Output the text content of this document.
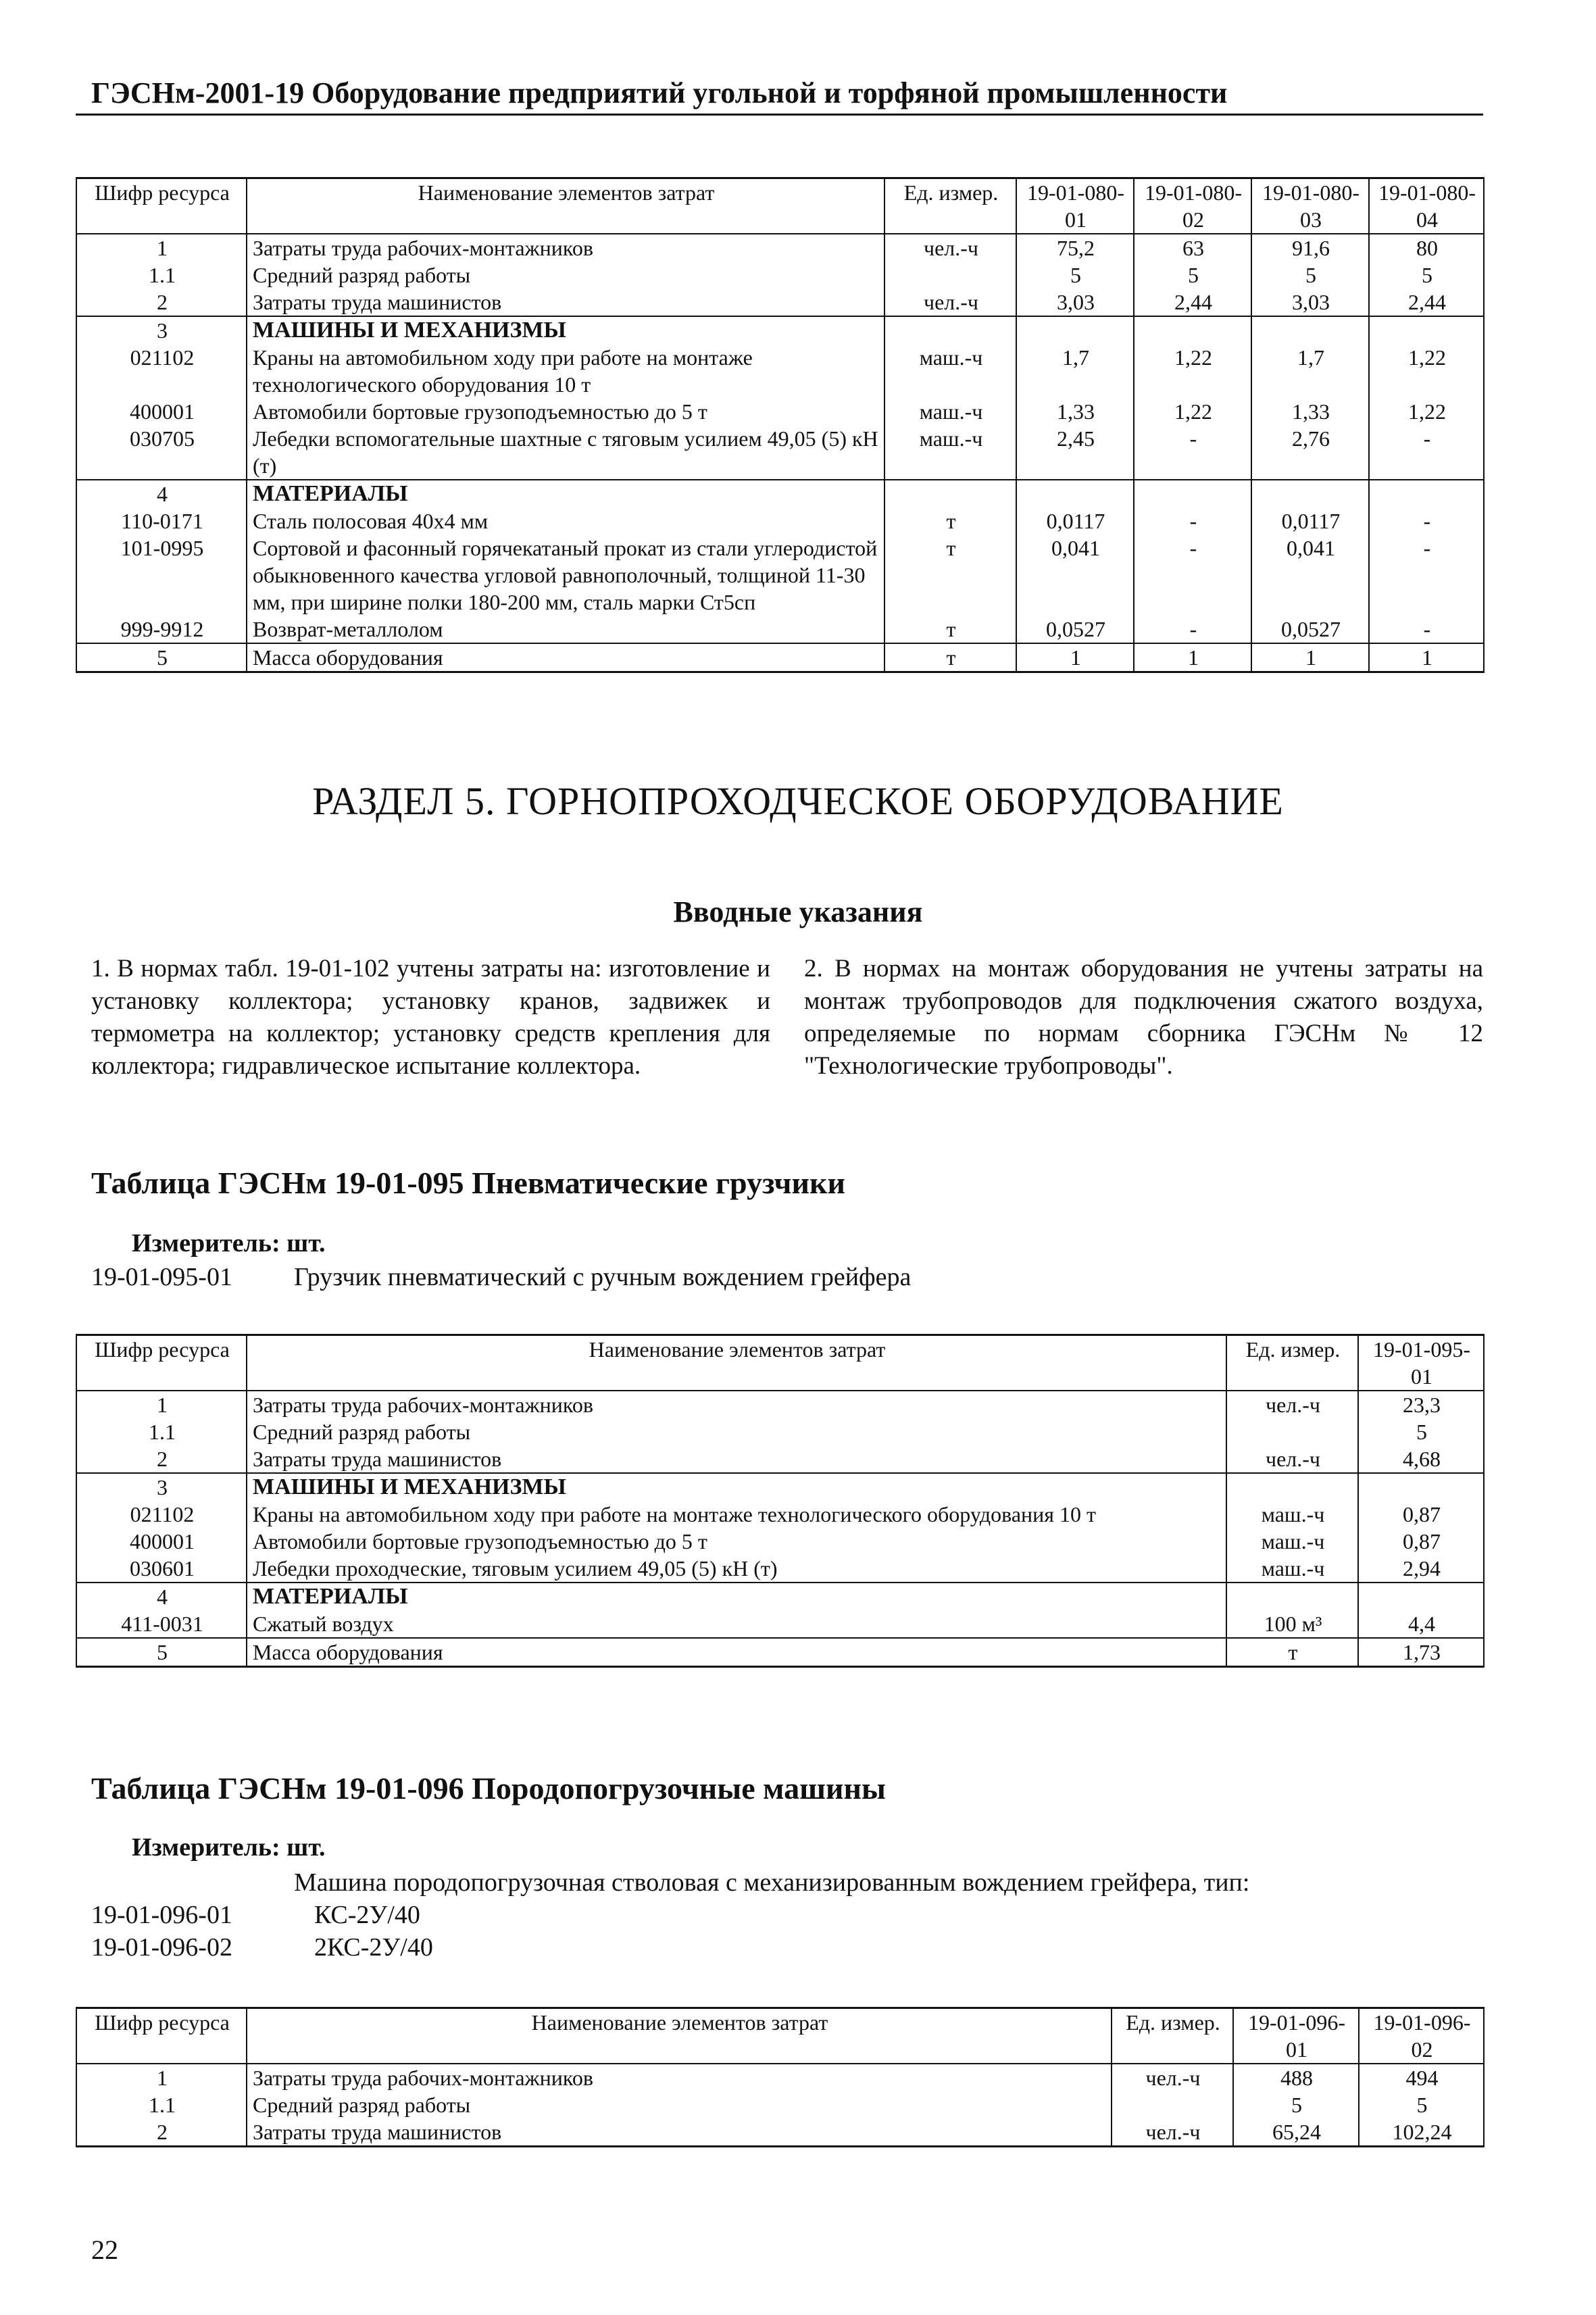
ГЭСНм-2001-19 Оборудование предприятий угольной и торфяной промышленности
Шифр ресурса	Наименование элементов затрат	Ед. измер.	19-01-080-01	19-01-080-02	19-01-080-03	19-01-080-04
1	Затраты труда рабочих-монтажников	чел.-ч	75,2	63	91,6	80
1.1	Средний разряд работы		5	5	5	5
2	Затраты труда машинистов	чел.-ч	3,03	2,44	3,03	2,44
3	МАШИНЫ И МЕХАНИЗМЫ					
021102	Краны на автомобильном ходу при работе на монтаже технологического оборудования 10 т	маш.-ч	1,7	1,22	1,7	1,22
400001	Автомобили бортовые грузоподъемностью до 5 т	маш.-ч	1,33	1,22	1,33	1,22
030705	Лебедки вспомогательные шахтные с тяговым усилием 49,05 (5) кН (т)	маш.-ч	2,45	-	2,76	-
4	МАТЕРИАЛЫ					
110-0171	Сталь полосовая 40х4 мм	т	0,0117	-	0,0117	-
101-0995	Сортовой и фасонный горячекатаный прокат из стали углеродистой обыкновенного качества угловой равнополочный, толщиной 11-30 мм, при ширине полки 180-200 мм, сталь марки Ст5сп	т	0,041	-	0,041	-
999-9912	Возврат-металлолом	т	0,0527	-	0,0527	-
5	Масса оборудования	т	1	1	1	1
РАЗДЕЛ 5. ГОРНОПРОХОДЧЕСКОЕ ОБОРУДОВАНИЕ
Вводные указания
1. В нормах табл. 19-01-102 учтены затраты на: изготовление и установку коллектора; установку кранов, задвижек и термометра на коллектор; установку средств крепления для коллектора; гидравлическое испытание коллектора.
2. В нормах на монтаж оборудования не учтены затраты на монтаж трубопроводов для подключения сжатого воздуха, определяемые по нормам сборника ГЭСНм № 12 "Технологические трубопроводы".
Таблица ГЭСНм 19-01-095 Пневматические грузчики
Измеритель: шт.
19-01-095-01 Грузчик пневматический с ручным вождением грейфера
Шифр ресурса	Наименование элементов затрат	Ед. измер.	19-01-095-01
1	Затраты труда рабочих-монтажников	чел.-ч	23,3
1.1	Средний разряд работы		5
2	Затраты труда машинистов	чел.-ч	4,68
3	МАШИНЫ И МЕХАНИЗМЫ		
021102	Краны на автомобильном ходу при работе на монтаже технологического оборудования 10 т	маш.-ч	0,87
400001	Автомобили бортовые грузоподъемностью до 5 т	маш.-ч	0,87
030601	Лебедки проходческие, тяговым усилием 49,05 (5) кН (т)	маш.-ч	2,94
4	МАТЕРИАЛЫ		
411-0031	Сжатый воздух	100 м³	4,4
5	Масса оборудования	т	1,73
Таблица ГЭСНм 19-01-096 Породопогрузочные машины
Измеритель: шт.
Машина породопогрузочная стволовая с механизированным вождением грейфера, тип:
19-01-096-01	КС-2У/40
19-01-096-02	2КС-2У/40
Шифр ресурса	Наименование элементов затрат	Ед. измер.	19-01-096-01	19-01-096-02
1	Затраты труда рабочих-монтажников	чел.-ч	488	494
1.1	Средний разряд работы		5	5
2	Затраты труда машинистов	чел.-ч	65,24	102,24
22
